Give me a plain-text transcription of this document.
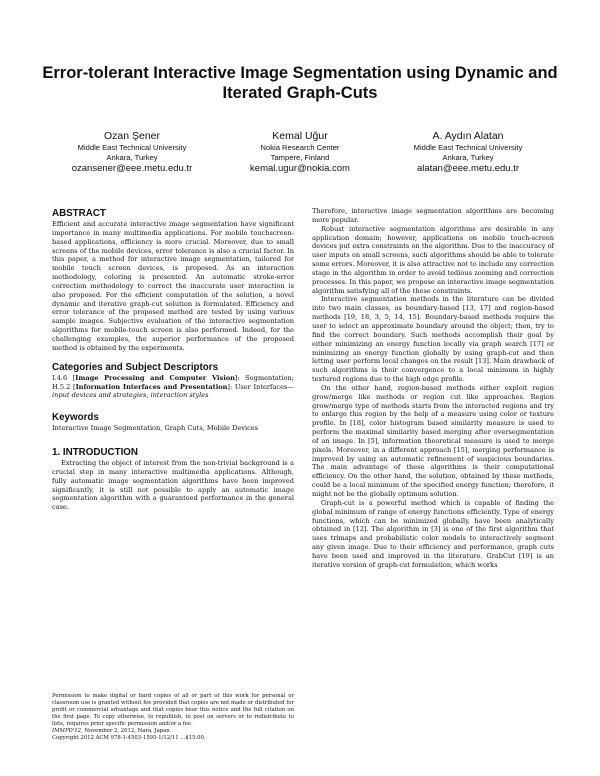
Error-tolerant Interactive Image Segmentation using Dynamic and Iterated Graph-Cuts
Ozan Şener
Middle East Technical University
Ankara, Turkey
ozansener@eee.metu.edu.tr
Kemal Uğur
Nokia Research Center
Tampere, Finland
kemal.ugur@nokia.com
A. Aydın Alatan
Middle East Technical University
Ankara, Turkey
alatan@eee.metu.edu.tr
ABSTRACT

Efficient and accurate interactive image segmentation have significant importance in many multimedia applications. For mobile touchscreen-based applications, efficiency is more crucial. Moreover, due to small screens of the mobile devices, error tolerance is also a crucial factor. In this paper, a method for interactive image segmentation, tailored for mobile touch screen devices, is proposed. As an interaction methodology, coloring is presented. An automatic stroke-error correction methodology to correct the inaccurate user interaction is also proposed. For the efficient computation of the solution, a novel dynamic and iterative graph-cut solution is formulated. Efficiency and error tolerance of the proposed method are tested by using various sample images. Subjective evaluation of the interactive segmentation algorithms for mobile-touch screen is also performed. Indeed, for the challenging examples, the superior performance of the proposed method is obtained by the experiments.

Categories and Subject Descriptors

I.4.6 [Image Processing and Computer Vision]: Segmentation; H.5.2 [Information Interfaces and Presentation]: User Interfaces—input devices and strategies, interaction styles

Keywords

Interactive Image Segmentation, Graph Cuts, Mobile Devices

1. INTRODUCTION

Extracting the object of interest from the non-trivial background is a crucial step in many interactive multimedia applications. Although, fully automatic image segmentation algorithms have been improved significantly, it is still not possible to apply an automatic image segmentation algorithm with a guaranteed performance in the general case.

Permission to make digital or hard copies of all or part of this work for personal or classroom use is granted without fee provided that copies are not made or distributed for profit or commercial advantage and that copies bear this notice and the full citation on the first page. To copy otherwise, to republish, to post on servers or to redistribute to lists, requires prior specific permission and/or a fee.

IMMPD'12, November 2, 2012, Nara, Japan.

Copyright 2012 ACM 978-1-4503-1595-1/12/11 ...$15.00.

Therefore, interactive image segmentation algorithms are becoming more popular.

Robust interactive segmentation algorithms are desirable in any application domain; however, applications on mobile touch-screen devices put extra constraints on the algorithm. Due to the inaccuracy of user inputs on small screens, such algorithms should be able to tolerate some errors. Moreover, it is also attractive not to include any correction stage in the algorithm in order to avoid tedious zooming and correction processes. In this paper, we propose an interactive image segmentation algorithm satisfying all of the these constraints.

Interactive segmentation methods in the literature can be divided into two main classes, as boundary-based [13, 17] and region-based methods [19, 18, 3, 5, 14, 15]. Boundary-based methods require the user to select an approximate boundary around the object; then, try to find the correct boundary. Such methods accomplish their goal by either minimizing an energy function locally via graph search [17] or minimizing an energy function globally by using graph-cut and then letting user perform local changes on the result [13]. Main drawback of such algorithms is their convergence to a local minimum in highly textured regions due to the high edge profile.

On the other hand, region-based methods either exploit region grow/merge like methods or region cut like approaches. Region grow/merge type of methods starts from the interacted regions and try to enlarge this region by the help of a measure using color or texture profile. In [18], color histogram based similarity measure is used to perform the maximal similarity based merging after oversegmentation of an image. In [5], information theoretical measure is used to merge pixels. Moreover, in a different approach [15], merging performance is improved by using an automatic refinement of suspicious boundaries. The main advantage of these algorithms is their computational efficiency. On the other hand, the solution, obtained by these methods, could be a local minimum of the specified energy function; therefore, it might not be the globally optimum solution.

Graph-cut is a powerful method which is capable of finding the global minimum of range of energy functions efficiently. Type of energy functions, which can be minimized globally, have been analytically obtained in [12]. The algorithm in [3] is one of the first algorithm that uses trimaps and probabilistic color models to interactively segment any given image. Due to their efficiency and performance, graph cuts have been used and improved in the literature. GrabCut [19] is an iterative version of graph-cut formulation, which works
